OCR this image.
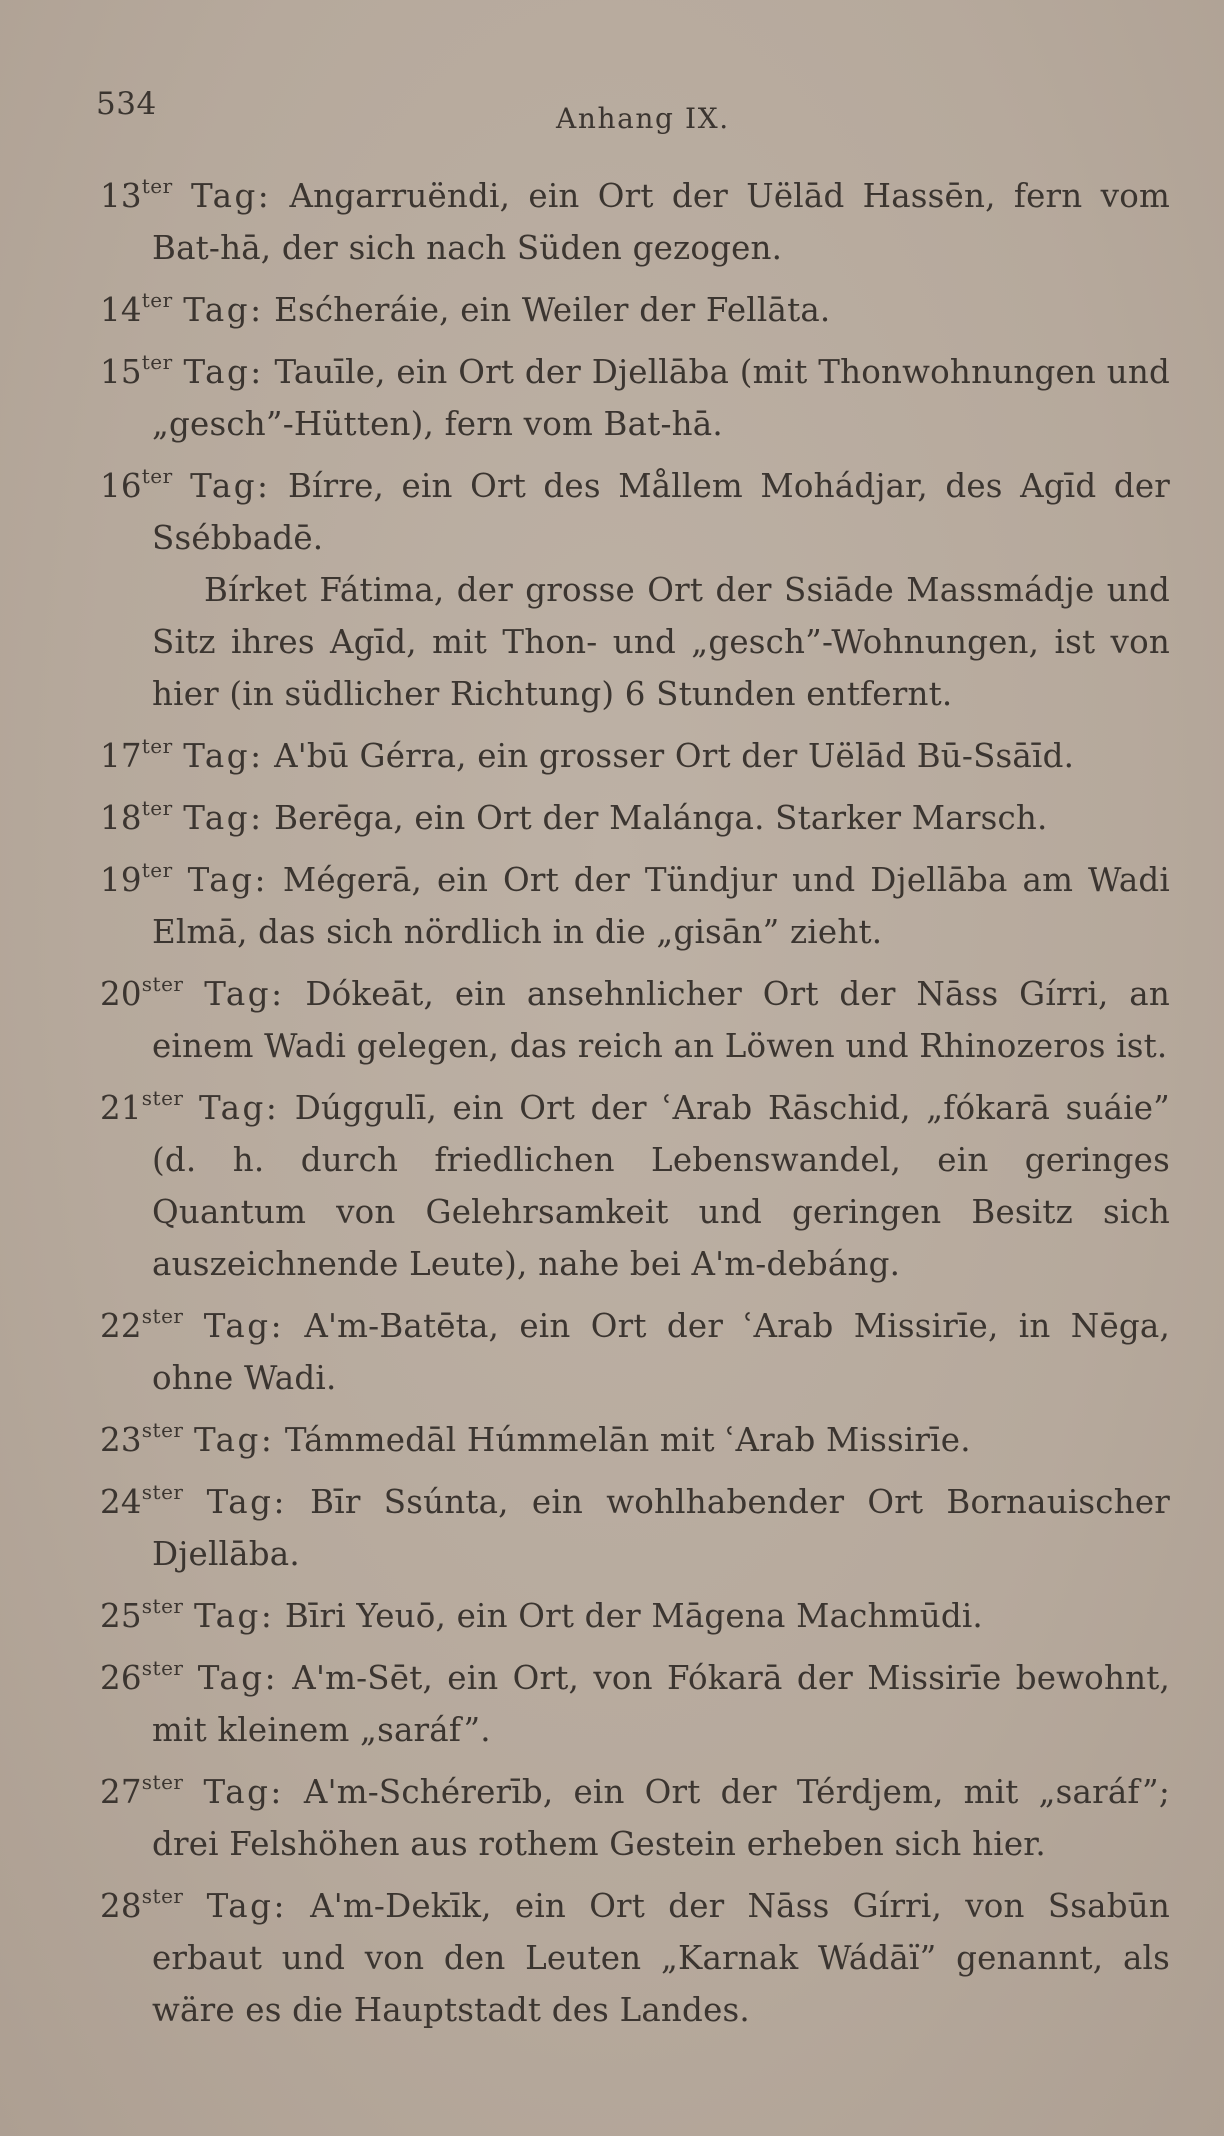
534	Anhang IX.

$13^{ter}$ Tag: Angarruëndi, ein Ort der Uëlād Hassēn, fern vom Bat-hā, der sich nach Süden gezogen.

$14^{ter}$ Tag: Esćheráie, ein Weiler der Fellāta.

$15^{ter}$ Tag: Tauīle, ein Ort der Djellāba (mit Thonwohnungen und „gesch”-Hütten), fern vom Bat-hā.

$16^{ter}$ Tag: Bírre, ein Ort des Mållem Mohádjar, des Agīd der Ssébbadē.

Bírket Fátima, der grosse Ort der Ssiāde Massmádje und Sitz ihres Agīd, mit Thon- und „gesch”-Wohnungen, ist von hier (in südlicher Richtung) 6 Stunden entfernt.

$17^{ter}$ Tag: A'bū Gérra, ein grosser Ort der Uëlād Bū-Ssāīd.

$18^{ter}$ Tag: Berēga, ein Ort der Malánga. Starker Marsch.

$19^{ter}$ Tag: Mégerā, ein Ort der Tündjur und Djellāba am Wadi Elmā, das sich nördlich in die „gisān” zieht.

$20^{ster}$ Tag: Dókeāt, ein ansehnlicher Ort der Nāss Gírri, an einem Wadi gelegen, das reich an Löwen und Rhinozeros ist.

$21^{ster}$ Tag: Dúggulī, ein Ort der ʿArab Rāschid, „fókarā suáie” (d. h. durch friedlichen Lebenswandel, ein geringes Quantum von Gelehrsamkeit und geringen Besitz sich auszeichnende Leute), nahe bei A'm-debáng.

$22^{ster}$ Tag: A'm-Batēta, ein Ort der ʿArab Missirīe, in Nēga, ohne Wadi.

$23^{ster}$ Tag: Támmedāl Húmmelān mit ʿArab Missirīe.

$24^{ster}$ Tag: Bīr Ssúnta, ein wohlhabender Ort Bornauischer Djellāba.

$25^{ster}$ Tag: Bīri Yeuō, ein Ort der Māgena Machmūdi.

$26^{ster}$ Tag: A'm-Sēt, ein Ort, von Fókarā der Missirīe bewohnt, mit kleinem „saráf”.

$27^{ster}$ Tag: A'm-Schérerīb, ein Ort der Térdjem, mit „saráf”; drei Felshöhen aus rothem Gestein erheben sich hier.

$28^{ster}$ Tag: A'm-Dekīk, ein Ort der Nāss Gírri, von Ssabūn erbaut und von den Leuten „Karnak Wádāï” genannt, als wäre es die Hauptstadt des Landes.
